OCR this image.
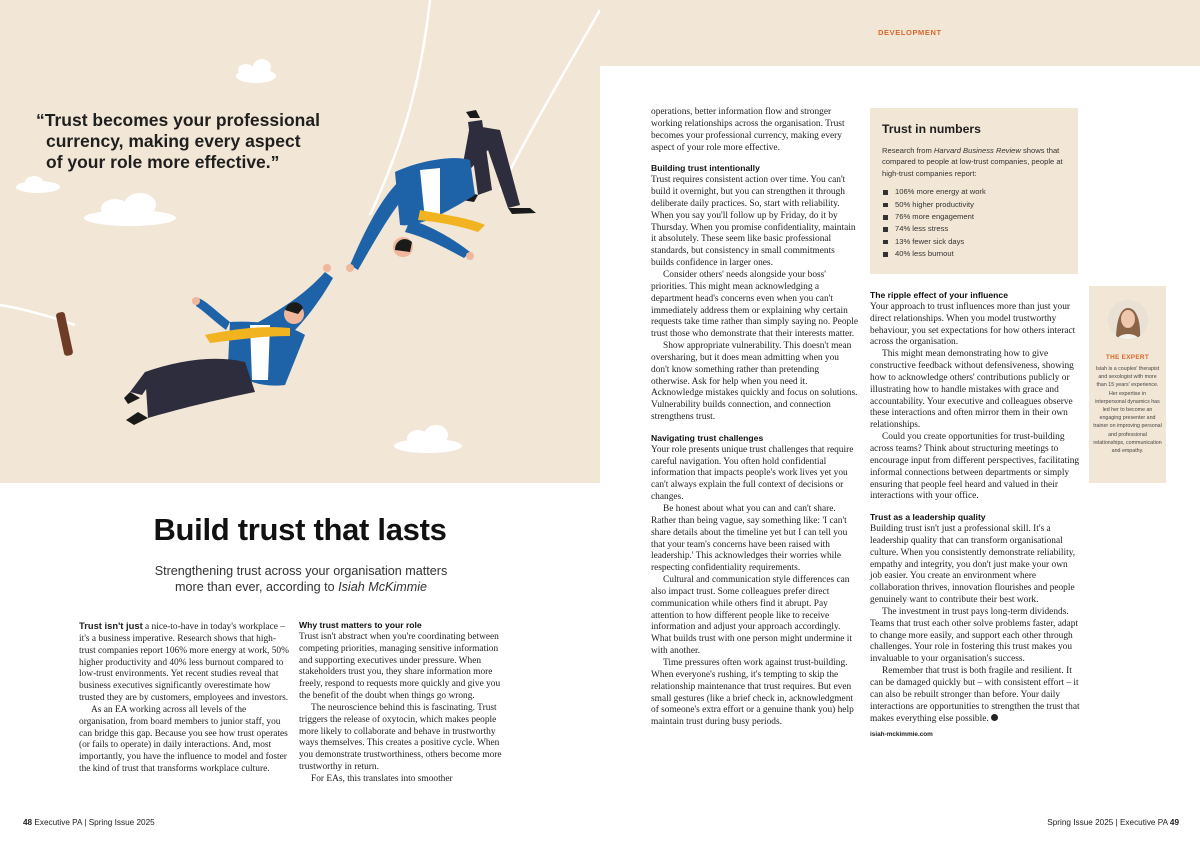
“Trust becomes your professional
currency, making every aspect
of your role more effective.”
DEVELOPMENT
Build trust that lasts
Strengthening trust across your organisation matters
more than ever, according to Isiah McKimmie

Trust isn't just a nice-to-have in today's workplace – it's a business imperative. Research shows that high-trust companies report 106% more energy at work, 50% higher productivity and 40% less burnout compared to low-trust environments. Yet recent studies reveal that business executives significantly overestimate how trusted they are by customers, employees and investors.

As an EA working across all levels of the organisation, from board members to junior staff, you can bridge this gap. Because you see how trust operates (or fails to operate) in daily interactions. And, most importantly, you have the influence to model and foster the kind of trust that transforms workplace culture.

Why trust matters to your role

Trust isn't abstract when you're coordinating between competing priorities, managing sensitive information and supporting executives under pressure. When stakeholders trust you, they share information more freely, respond to requests more quickly and give you the benefit of the doubt when things go wrong.

The neuroscience behind this is fascinating. Trust triggers the release of oxytocin, which makes people more likely to collaborate and behave in trustworthy ways themselves. This creates a positive cycle. When you demonstrate trustworthiness, others become more trustworthy in return.

For EAs, this translates into smoother

operations, better information flow and stronger working relationships across the organisation. Trust becomes your professional currency, making every aspect of your role more effective.

Building trust intentionally

Trust requires consistent action over time. You can't build it overnight, but you can strengthen it through deliberate daily practices. So, start with reliability. When you say you'll follow up by Friday, do it by Thursday. When you promise confidentiality, maintain it absolutely. These seem like basic professional standards, but consistency in small commitments builds confidence in larger ones.

Consider others' needs alongside your boss' priorities. This might mean acknowledging a department head's concerns even when you can't immediately address them or explaining why certain requests take time rather than simply saying no. People trust those who demonstrate that their interests matter.

Show appropriate vulnerability. This doesn't mean oversharing, but it does mean admitting when you don't know something rather than pretending otherwise. Ask for help when you need it. Acknowledge mistakes quickly and focus on solutions. Vulnerability builds connection, and connection strengthens trust.

Navigating trust challenges

Your role presents unique trust challenges that require careful navigation. You often hold confidential information that impacts people's work lives yet you can't always explain the full context of decisions or changes.

Be honest about what you can and can't share. Rather than being vague, say something like: 'I can't share details about the timeline yet but I can tell you that your team's concerns have been raised with leadership.' This acknowledges their worries while respecting confidentiality requirements.

Cultural and communication style differences can also impact trust. Some colleagues prefer direct communication while others find it abrupt. Pay attention to how different people like to receive information and adjust your approach accordingly. What builds trust with one person might undermine it with another.

Time pressures often work against trust-building. When everyone's rushing, it's tempting to skip the relationship maintenance that trust requires. But even small gestures (like a brief check in, acknowledgment of someone's extra effort or a genuine thank you) help maintain trust during busy periods.

Trust in numbers

Research from Harvard Business Review shows that compared to people at low-trust companies, people at high-trust companies report:

106% more energy at work
50% higher productivity
76% more engagement
74% less stress
13% fewer sick days
40% less burnout
The ripple effect of your influence

Your approach to trust influences more than just your direct relationships. When you model trustworthy behaviour, you set expectations for how others interact across the organisation.

This might mean demonstrating how to give constructive feedback without defensiveness, showing how to acknowledge others' contributions publicly or illustrating how to handle mistakes with grace and accountability. Your executive and colleagues observe these interactions and often mirror them in their own relationships.

Could you create opportunities for trust-building across teams? Think about structuring meetings to encourage input from different perspectives, facilitating informal connections between departments or simply ensuring that people feel heard and valued in their interactions with your office.

Trust as a leadership quality

Building trust isn't just a professional skill. It's a leadership quality that can transform organisational culture. When you consistently demonstrate reliability, empathy and integrity, you don't just make your own job easier. You create an environment where collaboration thrives, innovation flourishes and people genuinely want to contribute their best work.

The investment in trust pays long-term dividends. Teams that trust each other solve problems faster, adapt to change more easily, and support each other through challenges. Your role in fostering this trust makes you invaluable to your organisation's success.

Remember that trust is both fragile and resilient. It can be damaged quickly but – with consistent effort – it can also be rebuilt stronger than before. Your daily interactions are opportunities to strengthen the trust that makes everything else possible.

isiah-mckimmie.com
THE EXPERT
Isiah is a couples' therapist and sexologist with more than 15 years' experience. Her expertise in interpersonal dynamics has led her to become an engaging presenter and trainer on improving personal and professional relationships, communication and empathy.
48 Executive PA | Spring Issue 2025	Spring Issue 2025 | Executive PA 49
